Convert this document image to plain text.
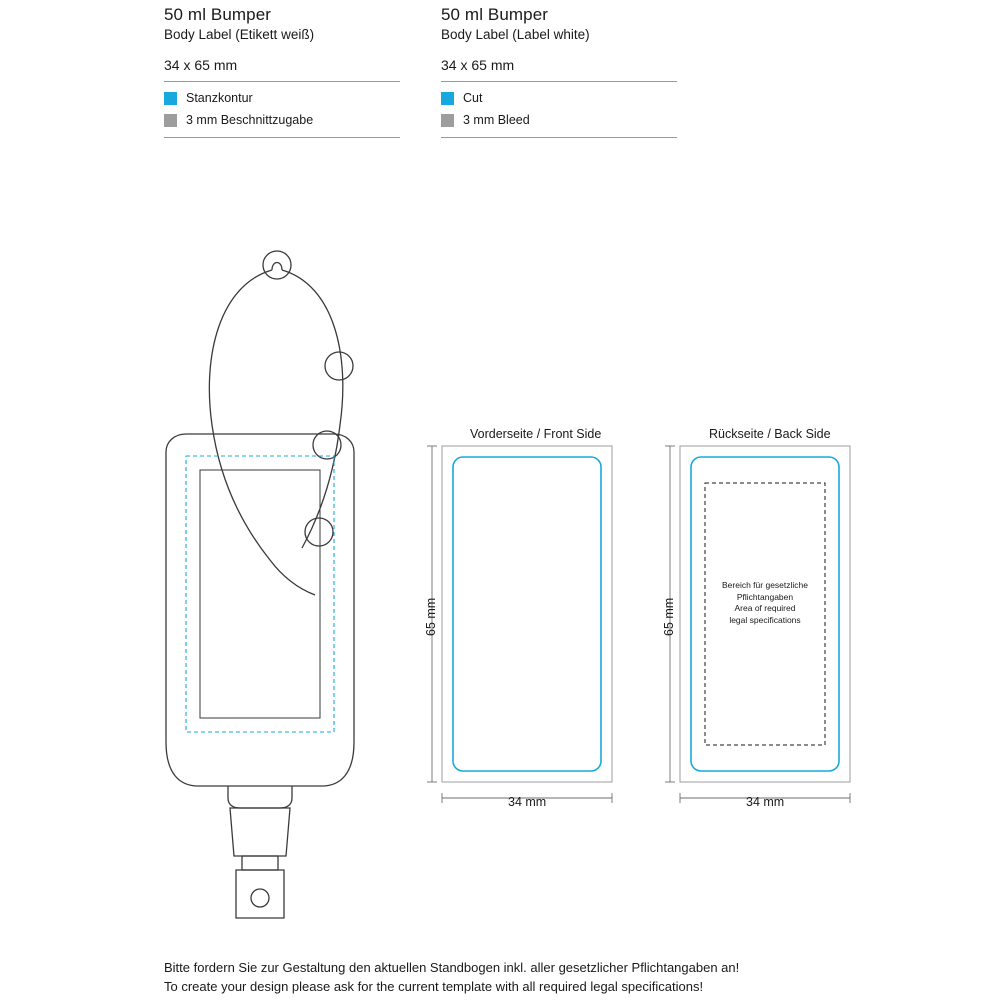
50 ml Bumper
Body Label (Etikett weiß)
34 x 65 mm
Stanzkontur
3 mm Beschnittzugabe
50 ml Bumper
Body Label (Label white)
34 x 65 mm
Cut
3 mm Bleed
Vorderseite / Front Side
65 mm
34 mm
Rückseite / Back Side
65 mm
34 mm
Bereich für gesetzliche
Pflichtangaben
Area of required
legal specifications
Bitte fordern Sie zur Gestaltung den aktuellen Standbogen inkl. aller gesetzlicher Pflichtangaben an!
To create your design please ask for the current template with all required legal specifications!
